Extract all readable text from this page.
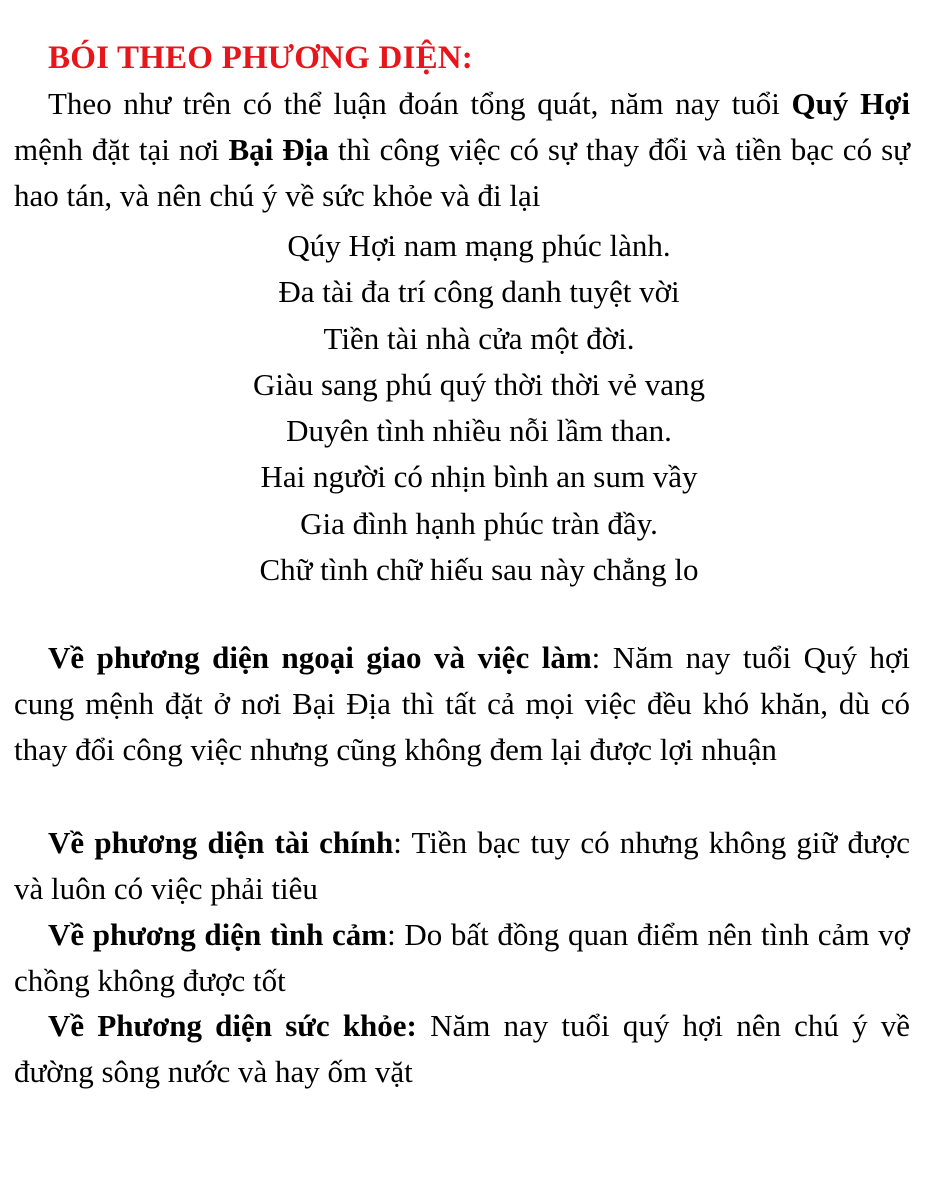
BÓI THEO PHƯƠNG DIỆN:

Theo như trên có thể luận đoán tổng quát, năm nay tuổi Quý Hợi mệnh đặt tại nơi Bại Địa thì công việc có sự thay đổi và tiền bạc có sự hao tán, và nên chú ý về sức khỏe và đi lại

Qúy Hợi nam mạng phúc lành.
Đa tài đa trí công danh tuyệt vời
Tiền tài nhà cửa một đời.
Giàu sang phú quý thời thời vẻ vang
Duyên tình nhiều nỗi lầm than.
Hai người có nhịn bình an sum vầy
Gia đình hạnh phúc tràn đầy.
Chữ tình chữ hiếu sau này chẳng lo

Về phương diện ngoại giao và việc làm: Năm nay tuổi Quý hợi cung mệnh đặt ở nơi Bại Địa thì tất cả mọi việc đều khó khăn, dù có thay đổi công việc nhưng cũng không đem lại được lợi nhuận

Về phương diện tài chính: Tiền bạc tuy có nhưng không giữ được và luôn có việc phải tiêu

Về phương diện tình cảm: Do bất đồng quan điểm nên tình cảm vợ chồng không được tốt

Về Phương diện sức khỏe: Năm nay tuổi quý hợi nên chú ý về đường sông nước và hay ốm vặt
